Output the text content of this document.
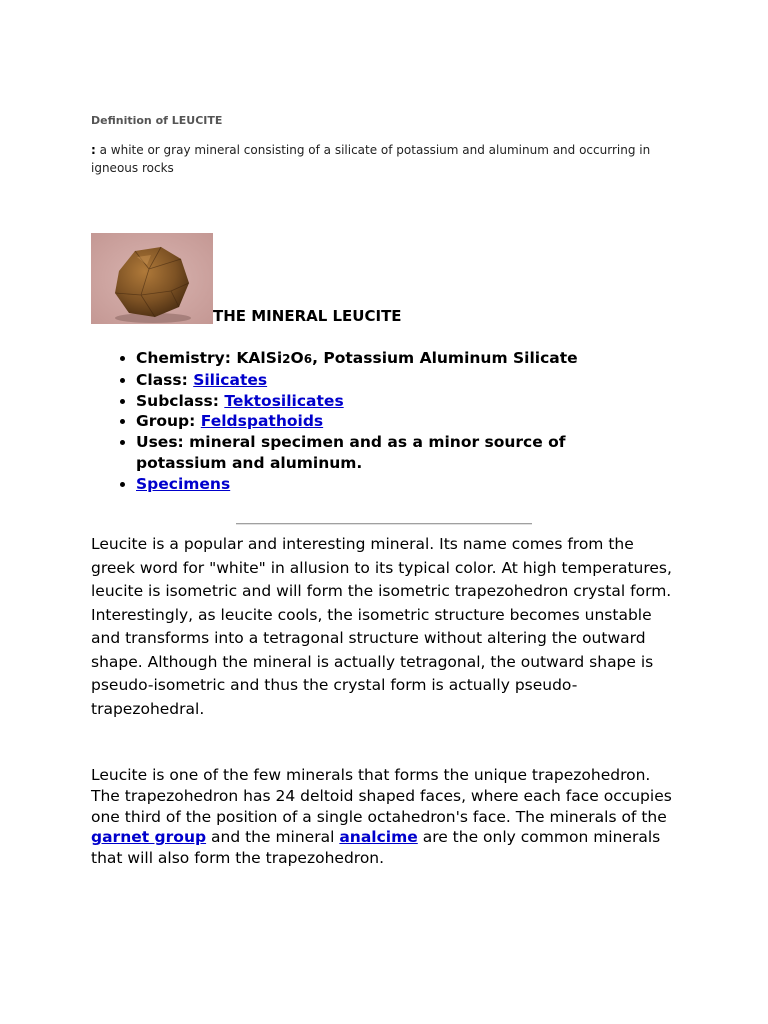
Definition of LEUCITE
: a white or gray mineral consisting of a silicate of potassium and aluminum and occurring in igneous rocks
THE MINERAL LEUCITE
• Chemistry: KAlSi2O6, Potassium Aluminum Silicate
• Class: Silicates
• Subclass: Tektosilicates
• Group: Feldspathoids
• Uses: mineral specimen and as a minor source of potassium and aluminum.
• Specimens

Leucite is a popular and interesting mineral. Its name comes from the greek word for "white" in allusion to its typical color. At high temperatures, leucite is isometric and will form the isometric trapezohedron crystal form. Interestingly, as leucite cools, the isometric structure becomes unstable and transforms into a tetragonal structure without altering the outward shape. Although the mineral is actually tetragonal, the outward shape is pseudo-isometric and thus the crystal form is actually pseudo-trapezohedral.

Leucite is one of the few minerals that forms the unique trapezohedron. The trapezohedron has 24 deltoid shaped faces, where each face occupies one third of the position of a single octahedron's face. The minerals of the garnet group and the mineral analcime are the only common minerals that will also form the trapezohedron.
